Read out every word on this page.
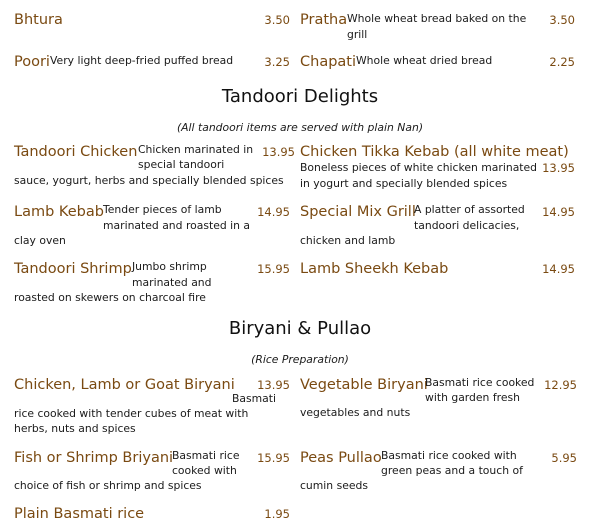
Bhtura	3.50 Pratha Whole wheat bread baked on the
grill
3.50
Poori Very light deep-fried puffed bread	3.25 Chapati Whole wheat dried bread	2.25
Tandoori Delights
(All tandoori items are served with plain Nan)
Tandoori Chicken Chicken marinated in
special tandoori
sauce, yogurt, herbs and specially blended spices
13.95 Chicken Tikka Kebab (all white meat)
Boneless pieces of white chicken marinated
in yogurt and specially blended spices
13.95
Lamb Kebab Tender pieces of lamb
marinated and roasted in a
clay oven
14.95 Special Mix Grill
A platter of assorted
tandoori delicacies,
chicken and lamb
14.95
Tandoori Shrimp Jumbo shrimp
marinated and
roasted on skewers on charcoal fire
15.95 Lamb Sheekh Kebab	14.95
Biryani & Pullao
(Rice Preparation)
Chicken, Lamb or Goat Biryani
Basmati
rice cooked with tender cubes of meat with
herbs, nuts and spices
13.95 Vegetable Biryani
Basmati rice cooked
with garden fresh
vegetables and nuts
12.95
Fish or Shrimp Briyani
Basmati rice
cooked with
choice of fish or shrimp and spices
15.95 Peas Pullao Basmati rice cooked with
green peas and a touch of
cumin seeds
5.95
Plain Basmati rice	1.95
